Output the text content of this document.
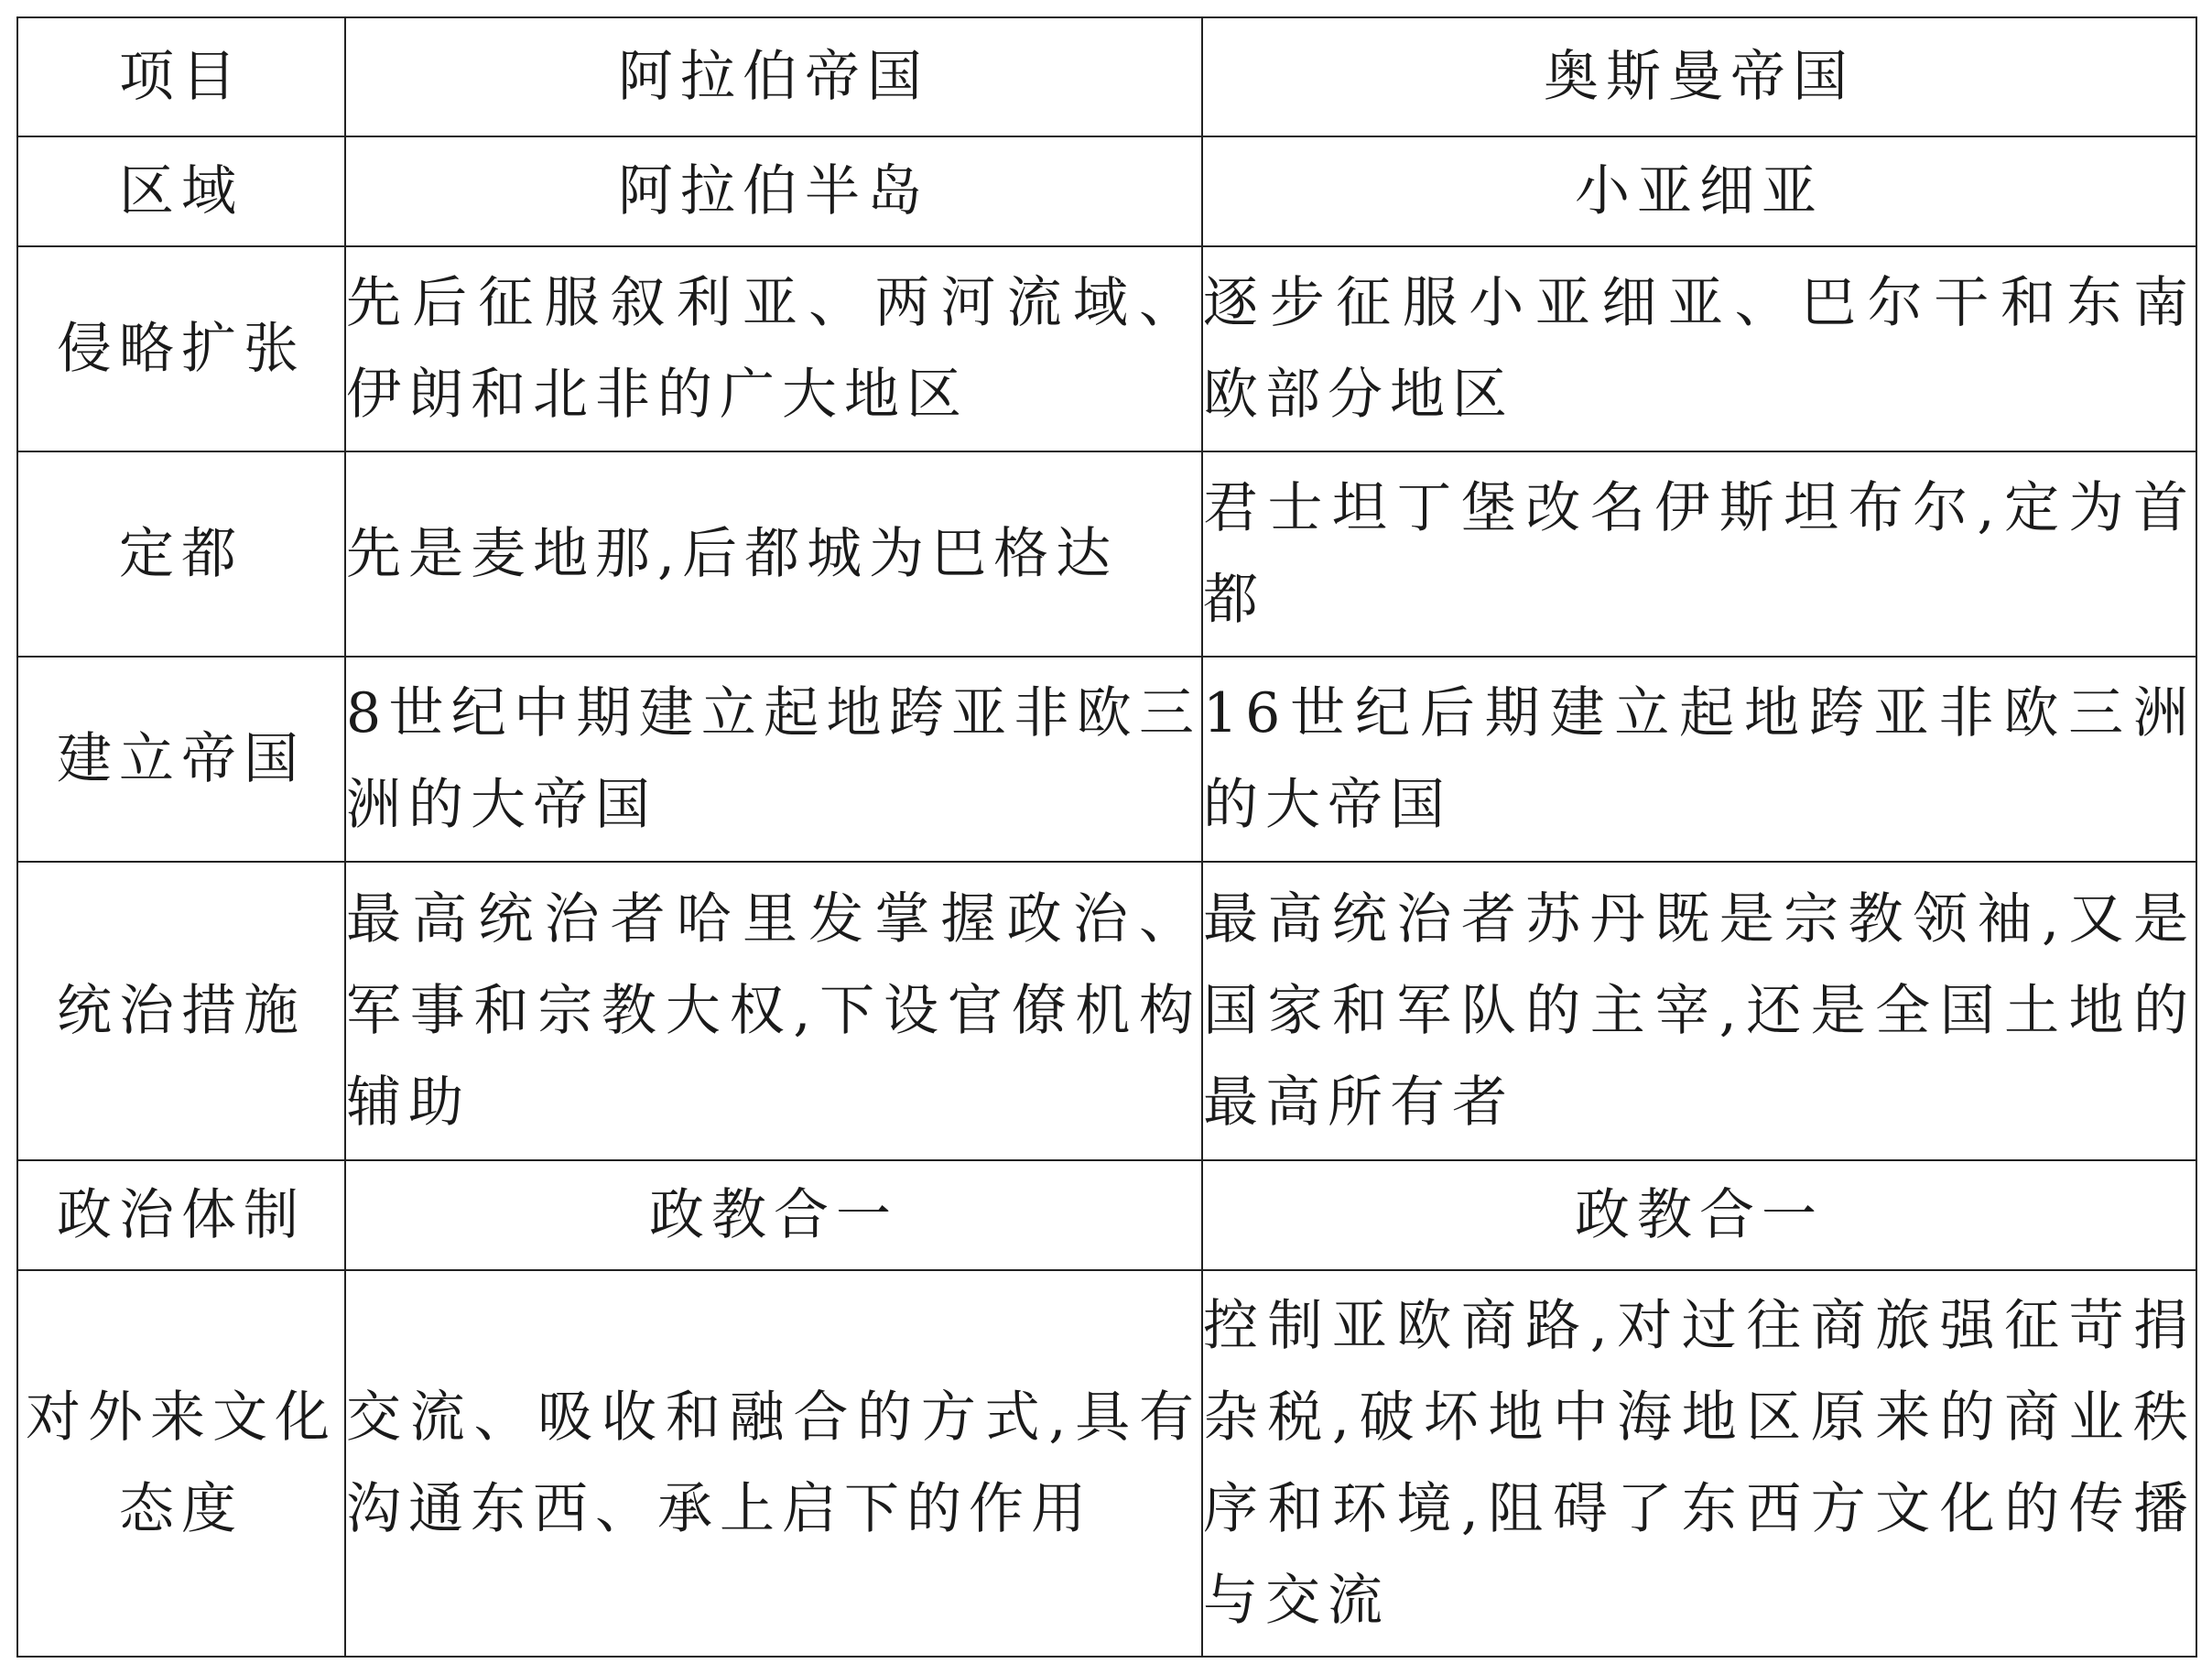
项目	阿拉伯帝国	奥斯曼帝国
区域	阿拉伯半岛	小亚细亚
侵略扩张	先后征服叙利亚、两河流域、伊朗和北非的广大地区	逐步征服小亚细亚、巴尔干和东南欧部分地区
定都	先是麦地那,后都城为巴格达	君士坦丁堡改名伊斯坦布尔,定为首都
建立帝国	8世纪中期建立起地跨亚非欧三洲的大帝国	16世纪后期建立起地跨亚非欧三洲的大帝国
统治措施	最高统治者哈里发掌握政治、军事和宗教大权,下设官僚机构辅助	最高统治者苏丹既是宗教领袖,又是国家和军队的主宰,还是全国土地的最高所有者
政治体制	政教合一	政教合一
对外来文化态度	交流、吸收和融合的方式,具有沟通东西、承上启下的作用	控制亚欧商路,对过往商旅强征苛捐杂税,破坏地中海地区原来的商业秩序和环境,阻碍了东西方文化的传播与交流
